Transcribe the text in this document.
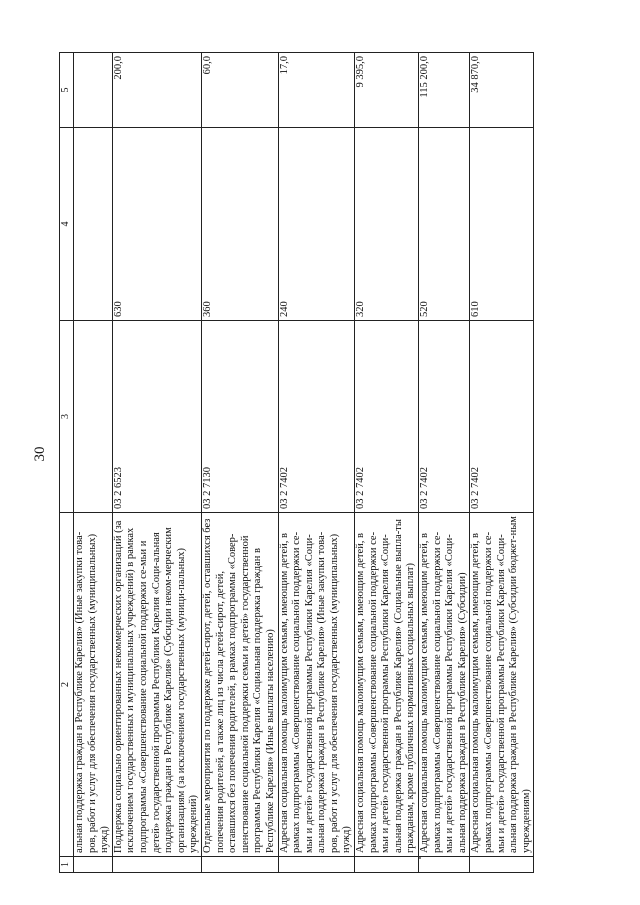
30
1	2	3	4	5
	альная поддержка граждан в Республике Карелия» (Иные закупки това-ров, работ и услуг для обеспечения государственных (муниципальных) нужд)			
	Поддержка социально ориентированных некоммерческих организаций (за исключением государственных и муниципальных учреждений) в рамках подпрограммы «Совершенствование социальной поддержки се-мьи и детей» государственной программы Республики Карелия «Соци-альная поддержка граждан в Республике Карелия» (Субсидии неком-мерческим организациям (за исключением государственных (муници-пальных) учреждений)	03 2 6523	630	200,0
	Отдельные мероприятия по поддержке детей-сирот, детей, оставшихся без попечения родителей, а также лиц из числа детей-сирот, детей, оставшихся без попечения родителей, в рамках подпрограммы «Совер-шенствование социальной поддержки семьи и детей» государственной программы Республики Карелия «Социальная поддержка граждан в Республике Карелия» (Иные выплаты населению)	03 2 7130	360	60,0
	Адресная социальная помощь малоимущим семьям, имеющим детей, в рамках подпрограммы «Совершенствование социальной поддержки се-мьи и детей» государственной программы Республики Карелия «Соци-альная поддержка граждан в Республике Карелия» (Иные закупки това-ров, работ и услуг для обеспечения государственных (муниципальных) нужд)	03 2 7402	240	17,0
	Адресная социальная помощь малоимущим семьям, имеющим детей, в рамках подпрограммы «Совершенствование социальной поддержки се-мьи и детей» государственной программы Республики Карелия «Соци-альная поддержка граждан в Республике Карелия» (Социальные выпла-ты гражданам, кроме публичных нормативных социальных выплат)	03 2 7402	320	9 395,0
	Адресная социальная помощь малоимущим семьям, имеющим детей, в рамках подпрограммы «Совершенствование социальной поддержки се-мьи и детей» государственной программы Республики Карелия «Соци-альная поддержка граждан в Республике Карелия» (Субсидии)	03 2 7402	520	115 200,0
	Адресная социальная помощь малоимущим семьям, имеющим детей, в рамках подпрограммы «Совершенствование социальной поддержки се-мьи и детей» государственной программы Республики Карелия «Соци-альная поддержка граждан в Республике Карелия» (Субсидии бюджет-ным учреждениям)	03 2 7402	610	34 870,0
